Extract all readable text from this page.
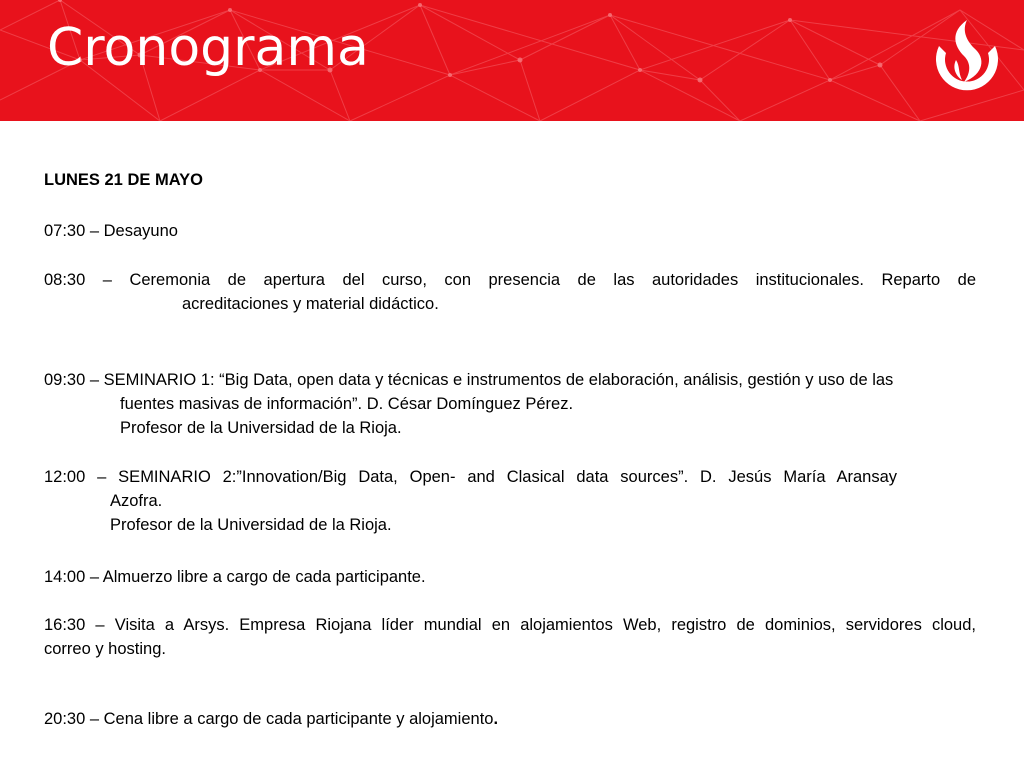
Cronograma
LUNES 21 DE MAYO
07:30 – Desayuno
08:30 – Ceremonia de apertura del curso, con presencia de las autoridades institucionales. Reparto de
acreditaciones y material didáctico.
09:30 – SEMINARIO 1: “Big Data, open data y técnicas e instrumentos de elaboración, análisis, gestión y uso de las
fuentes masivas de información”. D. César Domínguez Pérez.
Profesor de la Universidad de la Rioja.
12:00 – SEMINARIO 2:”Innovation/Big Data, Open- and Clasical data sources”. D. Jesús María Aransay
Azofra.
Profesor de la Universidad de la Rioja.
14:00 – Almuerzo libre a cargo de cada participante.
16:30 – Visita a Arsys. Empresa Riojana líder mundial en alojamientos Web, registro de dominios, servidores cloud,
correo y hosting.
20:30 – Cena libre a cargo de cada participante y alojamiento.
